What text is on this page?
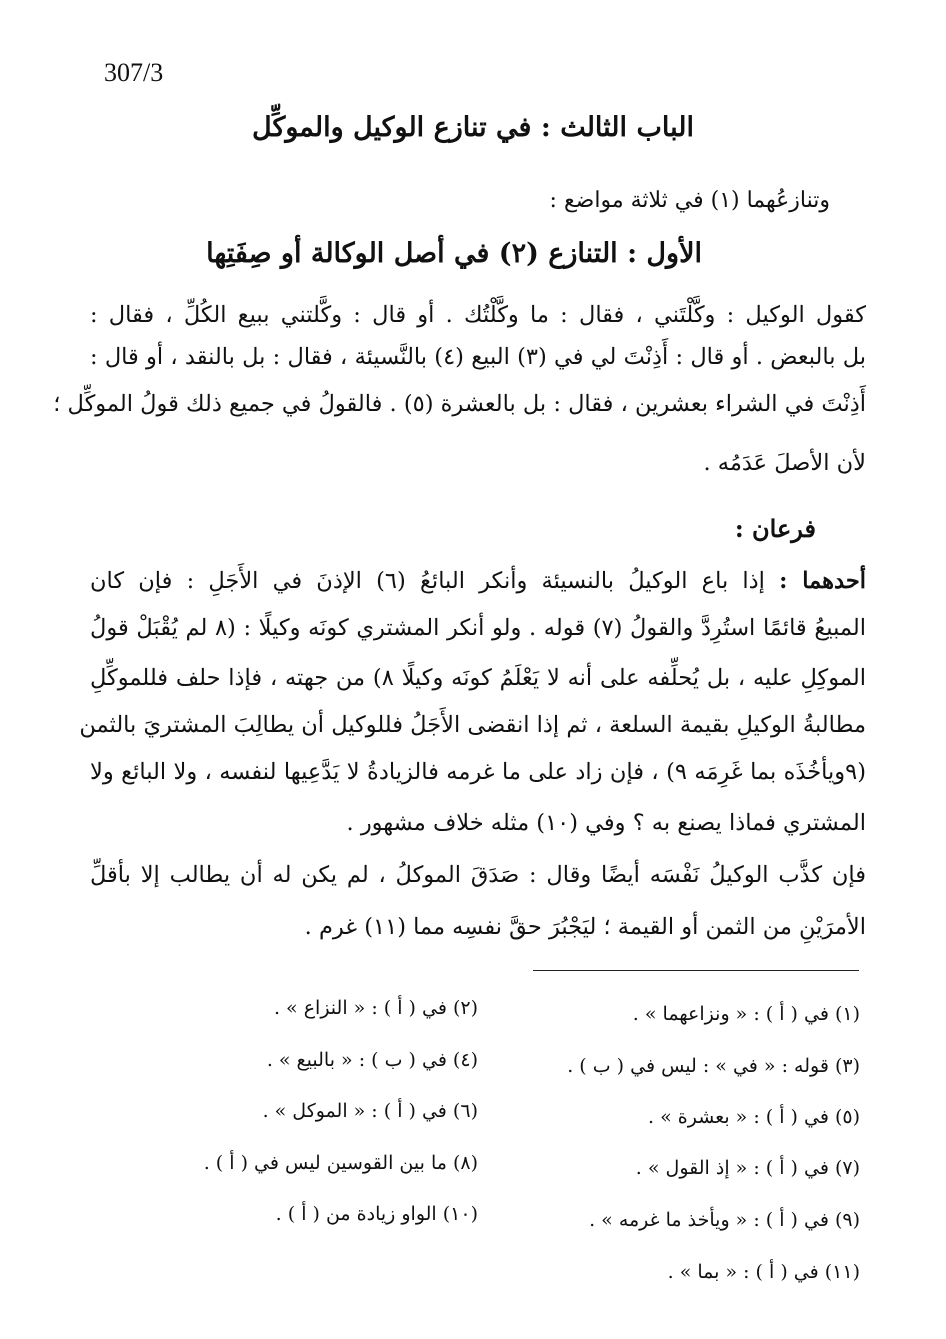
307/3
الباب الثالث : في تنازع الوكيل والموكِّل
وتنازعُهما (١) في ثلاثة مواضع :
الأول : التنازع (٢) في أصل الوكالة أو صِفَتِها
كقول الوكيل : وكَّلْتَني ، فقال : ما وكَّلْتُك . أو قال : وكَّلتني ببيع الكُلِّ ، فقال :
بل بالبعض . أو قال : أَذِنْتَ لي في (٣) البيع (٤) بالنَّسيئة ، فقال : بل بالنقد ، أو قال :
أَذِنْتَ في الشراء بعشرين ، فقال : بل بالعشرة (٥) . فالقولُ في جميع ذلك قولُ الموكِّل ؛
لأن الأصلَ عَدَمُه .
فرعان :
أحدهما : إذا باع الوكيلُ بالنسيئة وأنكر البائعُ (٦) الإذنَ في الأَجَلِ : فإن كان
المبيعُ قائمًا استُرِدَّ والقولُ (٧) قوله . ولو أنكر المشتري كونَه وكيلًا : (٨ لم يُقْبَلْ قولُ
الموكِلِ عليه ، بل يُحلِّفه على أنه لا يَعْلَمُ كونَه وكيلًا ٨) من جهته ، فإذا حلف فللموكِّلِ
مطالبةُ الوكيلِ بقيمة السلعة ، ثم إذا انقضى الأَجَلُ فللوكيل أن يطالِبَ المشتريَ بالثمن
(٩ويأخُذَه بما غَرِمَه ٩) ، فإن زاد على ما غرمه فالزيادةُ لا يَدَّعِيها لنفسه ، ولا البائع ولا
المشتري فماذا يصنع به ؟ وفي (١٠) مثله خلاف مشهور .
فإن كذَّب الوكيلُ نَفْسَه أيضًا وقال : صَدَقَ الموكلُ ، لم يكن له أن يطالب إلا بأقلِّ
الأمرَيْنِ من الثمن أو القيمة ؛ ليَجْبُرَ حقَّ نفسِه مما (١١) غرم .
(١) في ( أ ) : « ونزاعهما » .
(٢) في ( أ ) : « النزاع » .
(٣) قوله : « في » : ليس في ( ب ) .
(٤) في ( ب ) : « بالبيع » .
(٥) في ( أ ) : « بعشرة » .
(٦) في ( أ ) : « الموكل » .
(٧) في ( أ ) : « إذ القول » .
(٨) ما بين القوسين ليس في ( أ ) .
(٩) في ( أ ) : « ويأخذ ما غرمه » .
(١٠) الواو زيادة من ( أ ) .
(١١) في ( أ ) : « بما » .
